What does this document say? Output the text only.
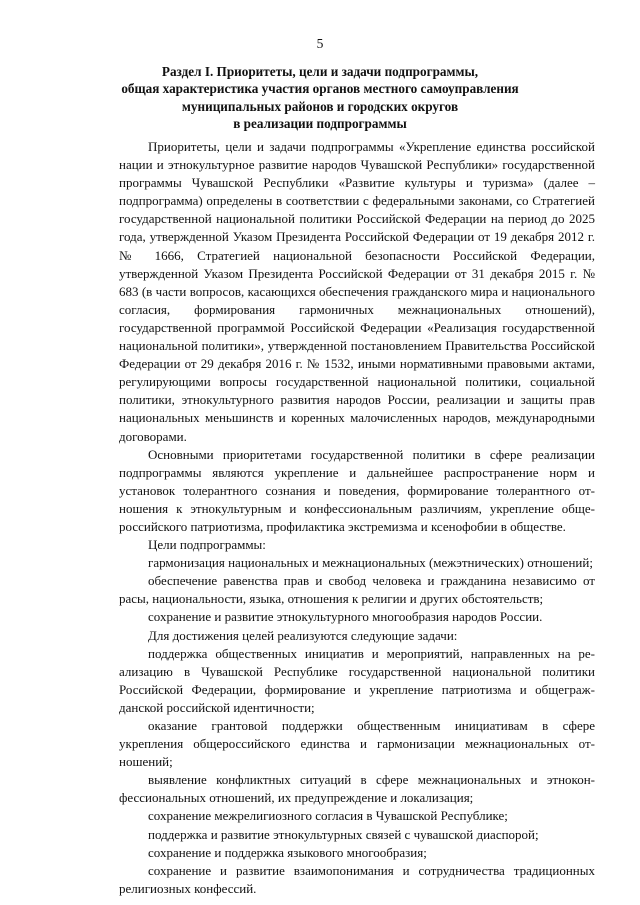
5
Раздел I. Приоритеты, цели и задачи подпрограммы,
общая характеристика участия органов местного самоуправления
муниципальных районов и городских округов
в реализации подпрограммы

Приоритеты, цели и задачи подпрограммы «Укрепление единства российской нации и этнокультурное развитие народов Чувашской Республики» государственной программы Чувашской Республики «Развитие культуры и туризма» (далее – подпрограмма) определены в соответствии с федеральными законами, со Стратегией государственной национальной политики Российской Федерации на период до 2025 года, утвержденной Указом Президента Российской Федерации от 19 декабря 2012 г. № 1666, Стратегией национальной безопасности Российской Федерации, утвержденной Указом Президента Российской Федерации от 31 декабря 2015 г. № 683 (в части вопросов, касающихся обеспечения гражданского мира и национального согласия, формирования гармоничных межнациональных отношений), государственной программой Российской Федерации «Реализация государственной национальной политики», утвержденной постановлением Правительства Российской Федерации от 29 декабря 2016 г. № 1532, иными нормативными правовыми актами, регулирующими вопросы государственной национальной политики, социальной политики, этнокультурного развития народов России, реализации и защиты прав национальных меньшинств и коренных малочисленных народов, международными договорами.

Основными приоритетами государственной политики в сфере реализации подпрограммы являются укрепление и дальнейшее распространение норм и установок толерантного сознания и поведения, формирование толерантного отношения к этнокультурным и конфессиональным различиям, укрепление общероссийского патриотизма, профилактика экстремизма и ксенофобии в обществе.

Цели подпрограммы:

гармонизация национальных и межнациональных (межэтнических) отношений;

обеспечение равенства прав и свобод человека и гражданина независимо от расы, национальности, языка, отношения к религии и других обстоятельств;

сохранение и развитие этнокультурного многообразия народов России.

Для достижения целей реализуются следующие задачи:

поддержка общественных инициатив и мероприятий, направленных на реализацию в Чувашской Республике государственной национальной политики Российской Федерации, формирование и укрепление патриотизма и общегражданской российской идентичности;

оказание грантовой поддержки общественным инициативам в сфере укрепления общероссийского единства и гармонизации межнациональных отношений;

выявление конфликтных ситуаций в сфере межнациональных и этноконфессиональных отношений, их предупреждение и локализация;

сохранение межрелигиозного согласия в Чувашской Республике;

поддержка и развитие этнокультурных связей с чувашской диаспорой;

сохранение и поддержка языкового многообразия;

сохранение и развитие взаимопонимания и сотрудничества традиционных религиозных конфессий.
